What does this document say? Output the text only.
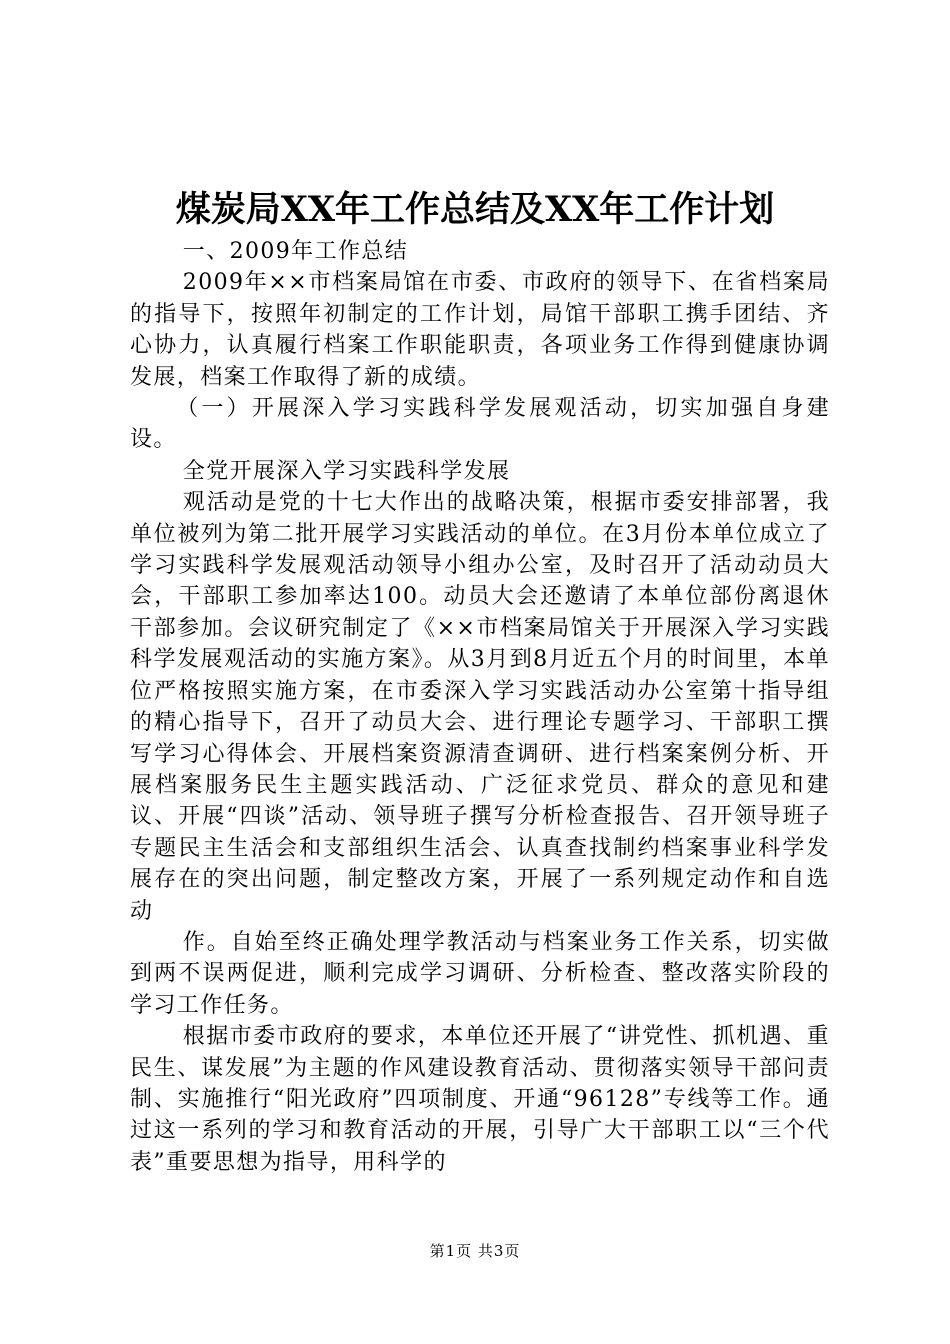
煤炭局XX年工作总结及XX年工作计划

一、2009年工作总结

2009年××市档案局馆在市委、市政府的领导下、在省档案局的指导下，按照年初制定的工作计划，局馆干部职工携手团结、齐心协力，认真履行档案工作职能职责，各项业务工作得到健康协调发展，档案工作取得了新的成绩。

（一）开展深入学习实践科学发展观活动，切实加强自身建设。

全党开展深入学习实践科学发展

观活动是党的十七大作出的战略决策，根据市委安排部署，我单位被列为第二批开展学习实践活动的单位。在3月份本单位成立了学习实践科学发展观活动领导小组办公室，及时召开了活动动员大会，干部职工参加率达100。动员大会还邀请了本单位部份离退休干部参加。会议研究制定了《××市档案局馆关于开展深入学习实践科学发展观活动的实施方案》。从3月到8月近五个月的时间里，本单位严格按照实施方案，在市委深入学习实践活动办公室第十指导组的精心指导下，召开了动员大会、进行理论专题学习、干部职工撰写学习心得体会、开展档案资源清查调研、进行档案案例分析、开展档案服务民生主题实践活动、广泛征求党员、群众的意见和建议、开展“四谈”活动、领导班子撰写分析检查报告、召开领导班子专题民主生活会和支部组织生活会、认真查找制约档案事业科学发展存在的突出问题，制定整改方案，开展了一系列规定动作和自选动

作。自始至终正确处理学教活动与档案业务工作关系，切实做到两不误两促进，顺利完成学习调研、分析检查、整改落实阶段的学习工作任务。

根据市委市政府的要求，本单位还开展了“讲党性、抓机遇、重民生、谋发展”为主题的作风建设教育活动、贯彻落实领导干部问责制、实施推行“阳光政府”四项制度、开通“96128”专线等工作。通过这一系列的学习和教育活动的开展，引导广大干部职工以“三个代表”重要思想为指导，用科学的

第1页 共3页
